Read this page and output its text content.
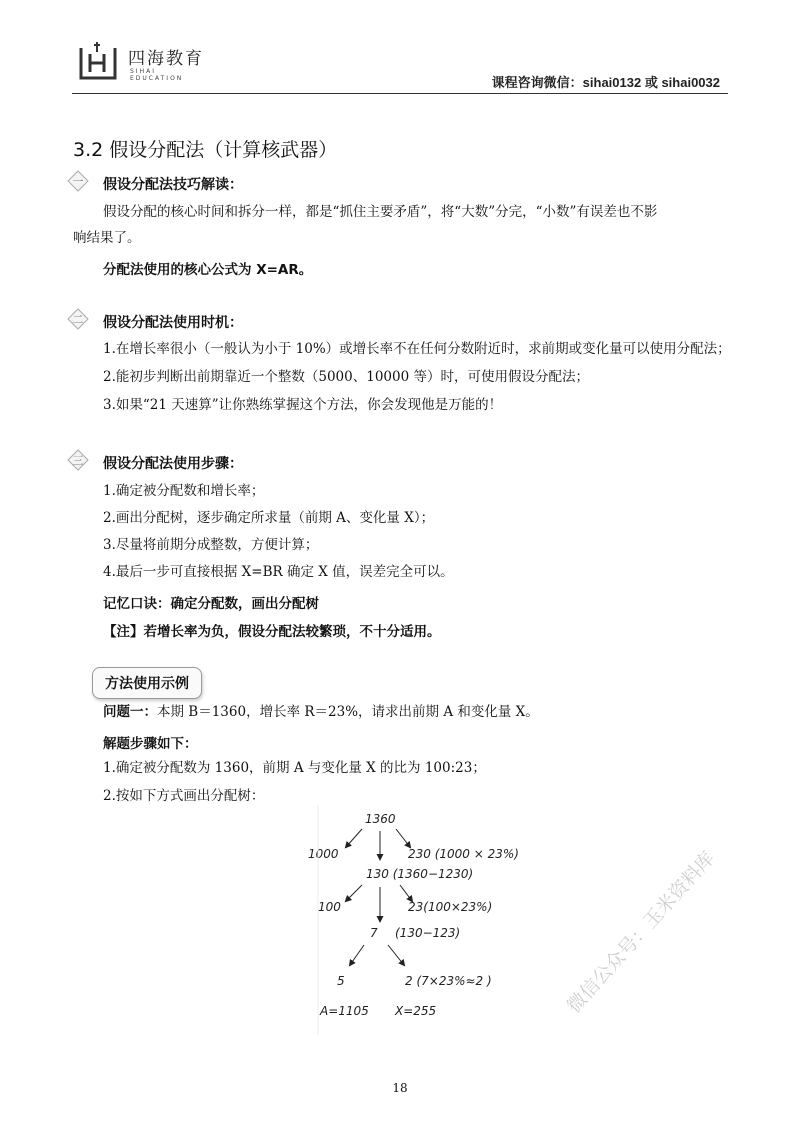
四海教育
SIHAI EDUCATION	课程咨询微信：sihai0132 或 sihai0032
3.2 假设分配法（计算核武器）
一 假设分配法技巧解读：
假设分配的核心时间和拆分一样，都是“抓住主要矛盾”，将“大数”分完，“小数”有误差也不影
响结果了。
分配法使用的核心公式为 X=AR。
二 假设分配法使用时机：
1.在增长率很小（一般认为小于 10%）或增长率不在任何分数附近时，求前期或变化量可以使用分配法；
2.能初步判断出前期靠近一个整数（5000、10000 等）时，可使用假设分配法；
3.如果“21 天速算”让你熟练掌握这个方法，你会发现他是万能的！
三 假设分配法使用步骤：
1.确定被分配数和增长率；
2.画出分配树，逐步确定所求量（前期 A、变化量 X）；
3.尽量将前期分成整数，方便计算；
4.最后一步可直接根据 X=BR 确定 X 值，误差完全可以。
记忆口诀：确定分配数，画出分配树
【注】若增长率为负，假设分配法较繁琐，不十分适用。
方法使用示例
问题一：本期 B＝1360，增长率 R＝23%，请求出前期 A 和变化量 X。
解题步骤如下：
1.确定被分配数为 1360，前期 A 与变化量 X 的比为 100:23；
2.按如下方式画出分配树：
1360
1000	230 (1000 × 23%)
130 (1360−1230)
100	23(100×23%)
7 (130−123)
5	2 (7×23%≈2 )
A=1105 X=255
18
微信公众号：玉米资料库
